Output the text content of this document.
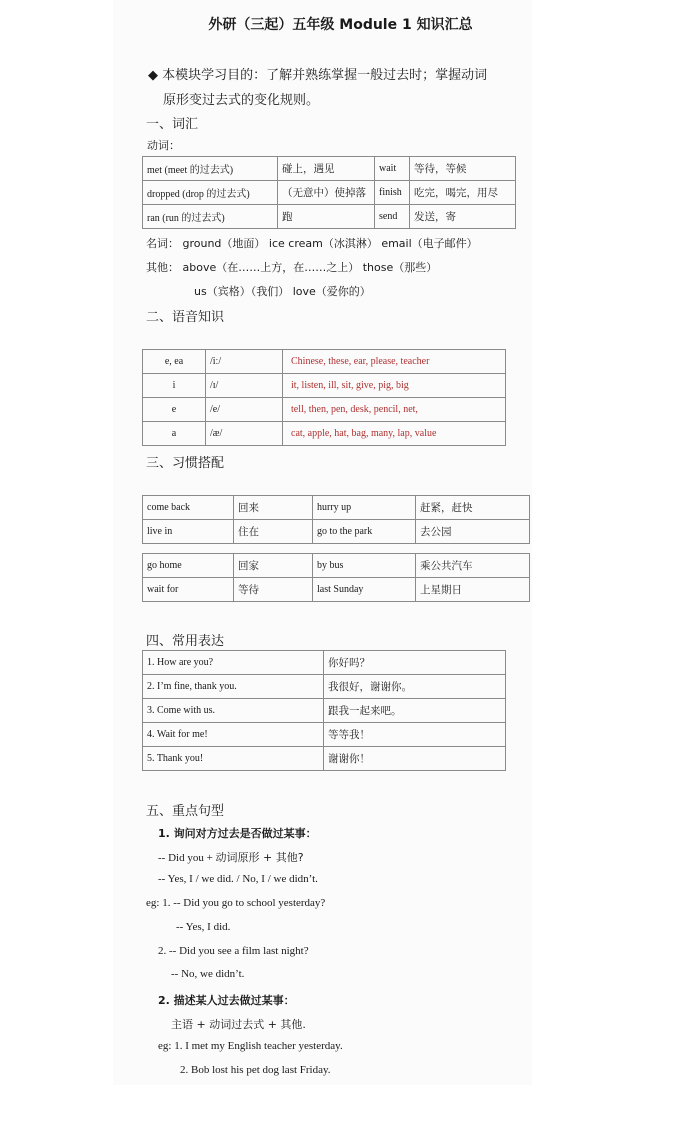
外研（三起）五年级 Module 1 知识汇总
◆ 本模块学习目的：了解并熟练掌握一般过去时；掌握动词
原形变过去式的变化规则。
一、词汇
动词：
met (meet 的过去式)	碰上，遇见	wait	等待，等候
dropped (drop 的过去式)	（无意中）使掉落	finish	吃完，喝完，用尽
ran (run 的过去式)	跑	send	发送，寄
名词： ground（地面） ice cream（冰淇淋） email（电子邮件）
其他： above（在……上方，在……之上） those（那些）
us（宾格）（我们） love（爱你的）
二、语音知识
e, ea	/iː/	Chinese, these, ear, please, teacher
i	/ɪ/	it, listen, ill, sit, give, pig, big
e	/e/	tell, then, pen, desk, pencil, net,
a	/æ/	cat, apple, hat, bag, many, lap, value
三、习惯搭配
come back	回来	hurry up	赶紧，赶快
live in	住在	go to the park	去公园
go home	回家	by bus	乘公共汽车
wait for	等待	last Sunday	上星期日
四、常用表达
1. How are you?	你好吗？
2. I’m fine, thank you.	我很好，谢谢你。
3. Come with us.	跟我一起来吧。
4. Wait for me!	等等我！
5. Thank you!	谢谢你！
五、重点句型
1. 询问对方过去是否做过某事：
-- Did you + 动词原形 + 其他?
-- Yes, I / we did. / No, I / we didn’t.
eg: 1. -- Did you go to school yesterday?
-- Yes, I did.
2. -- Did you see a film last night?
-- No, we didn’t.
2. 描述某人过去做过某事：
主语 + 动词过去式 + 其他.
eg: 1. I met my English teacher yesterday.
2. Bob lost his pet dog last Friday.
